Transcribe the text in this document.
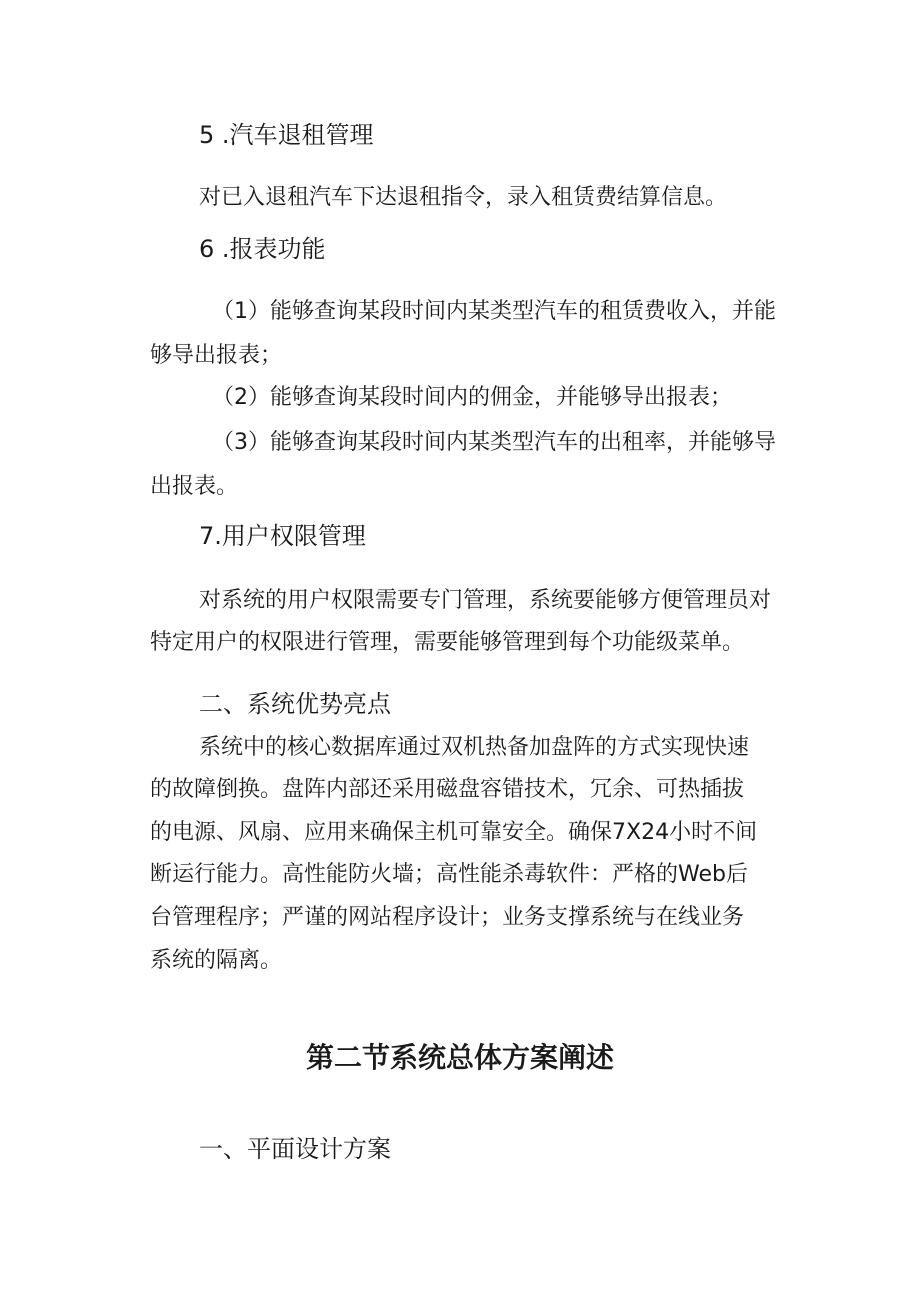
5 .汽车退租管理

对已入退租汽车下达退租指令，录入租赁费结算信息。

6 .报表功能

（1）能够查询某段时间内某类型汽车的租赁费收入，并能

够导出报表；

（2）能够查询某段时间内的佣金，并能够导出报表；

（3）能够查询某段时间内某类型汽车的出租率，并能够导

出报表。

7.用户权限管理

对系统的用户权限需要专门管理，系统要能够方便管理员对

特定用户的权限进行管理，需要能够管理到每个功能级菜单。

二、系统优势亮点

系统中的核心数据库通过双机热备加盘阵的方式实现快速

的故障倒换。盘阵内部还采用磁盘容错技术，冗余、可热插拔

的电源、风扇、应用来确保主机可靠安全。确保7X24小时不间

断运行能力。高性能防火墙；高性能杀毒软件：严格的Web后

台管理程序；严谨的网站程序设计；业务支撑系统与在线业务

系统的隔离。

第二节系统总体方案阐述

一、平面设计方案
